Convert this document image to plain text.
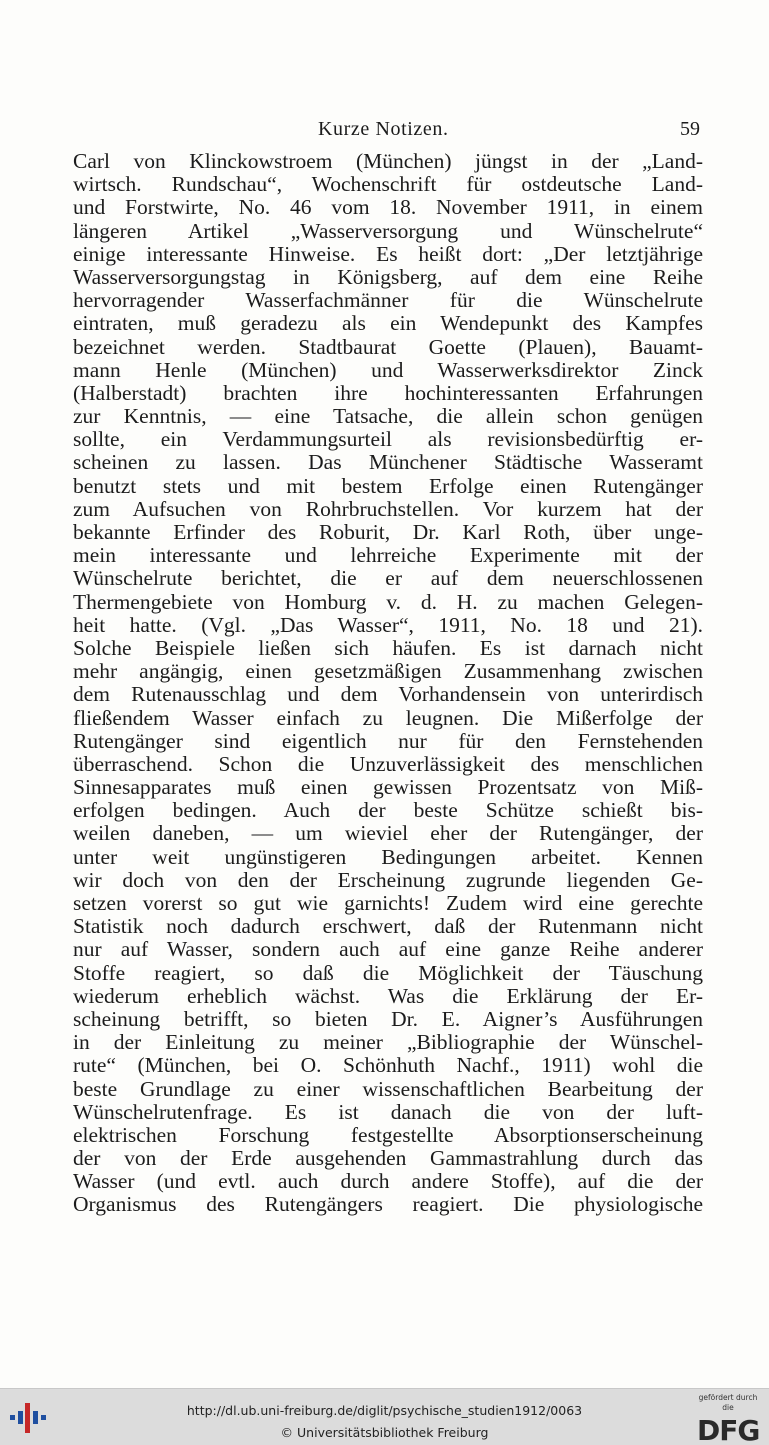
Kurze Notizen.	59
Carl von Klinckowstroem (München) jüngst in der „Land-
wirtsch. Rundschau“, Wochenschrift für ostdeutsche Land-
und Forstwirte, No. 46 vom 18. November 1911, in einem
längeren Artikel „Wasserversorgung und Wünschelrute“
einige interessante Hinweise. Es heißt dort: „Der letztjährige
Wasserversorgungstag in Königsberg, auf dem eine Reihe
hervorragender Wasserfachmänner für die Wünschelrute
eintraten, muß geradezu als ein Wendepunkt des Kampfes
bezeichnet werden. Stadtbaurat Goette (Plauen), Bauamt-
mann Henle (München) und Wasserwerksdirektor Zinck
(Halberstadt) brachten ihre hochinteressanten Erfahrungen
zur Kenntnis, — eine Tatsache, die allein schon genügen
sollte, ein Verdammungsurteil als revisionsbedürftig er-
scheinen zu lassen. Das Münchener Städtische Wasseramt
benutzt stets und mit bestem Erfolge einen Rutengänger
zum Aufsuchen von Rohrbruchstellen. Vor kurzem hat der
bekannte Erfinder des Roburit, Dr. Karl Roth, über unge-
mein interessante und lehrreiche Experimente mit der
Wünschelrute berichtet, die er auf dem neuerschlossenen
Thermengebiete von Homburg v. d. H. zu machen Gelegen-
heit hatte. (Vgl. „Das Wasser“, 1911, No. 18 und 21).
Solche Beispiele ließen sich häufen. Es ist darnach nicht
mehr angängig, einen gesetzmäßigen Zusammenhang zwischen
dem Rutenausschlag und dem Vorhandensein von unterirdisch
fließendem Wasser einfach zu leugnen. Die Mißerfolge der
Rutengänger sind eigentlich nur für den Fernstehenden
überraschend. Schon die Unzuverlässigkeit des menschlichen
Sinnesapparates muß einen gewissen Prozentsatz von Miß-
erfolgen bedingen. Auch der beste Schütze schießt bis-
weilen daneben, — um wieviel eher der Rutengänger, der
unter weit ungünstigeren Bedingungen arbeitet. Kennen
wir doch von den der Erscheinung zugrunde liegenden Ge-
setzen vorerst so gut wie garnichts! Zudem wird eine gerechte
Statistik noch dadurch erschwert, daß der Rutenmann nicht
nur auf Wasser, sondern auch auf eine ganze Reihe anderer
Stoffe reagiert, so daß die Möglichkeit der Täuschung
wiederum erheblich wächst. Was die Erklärung der Er-
scheinung betrifft, so bieten Dr. E. Aigner’s Ausführungen
in der Einleitung zu meiner „Bibliographie der Wünschel-
rute“ (München, bei O. Schönhuth Nachf., 1911) wohl die
beste Grundlage zu einer wissenschaftlichen Bearbeitung der
Wünschelrutenfrage. Es ist danach die von der luft-
elektrischen Forschung festgestellte Absorptionserscheinung
der von der Erde ausgehenden Gammastrahlung durch das
Wasser (und evtl. auch durch andere Stoffe), auf die der
Organismus des Rutengängers reagiert. Die physiologische
http://dl.ub.uni-freiburg.de/diglit/psychische_studien1912/0063
© Universitätsbibliothek Freiburg
gefördert durch die
DFG
